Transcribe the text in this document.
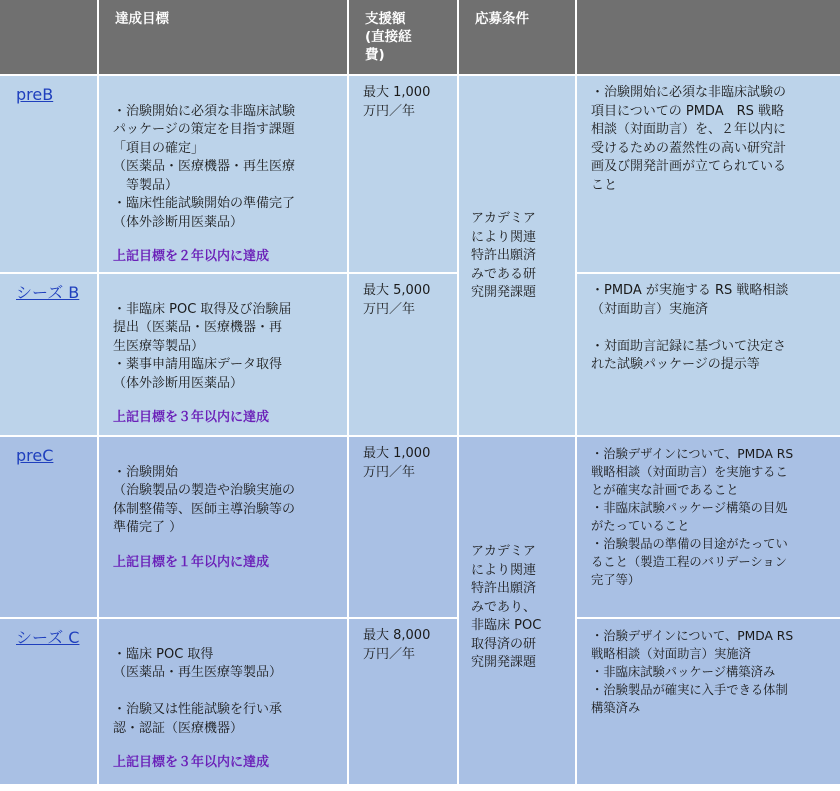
達成目標	支援額
(直接経
費)
応募条件
preB

・治験開始に必須な非臨床試験
パッケージの策定を目指す課題
「項目の確定」
（医薬品・医療機器・再生医療
　等製品）
・臨床性能試験開始の準備完了
（体外診断用医薬品）

上記目標を２年以内に達成

最大 1,000
万円／年
・治験開始に必須な非臨床試験の
項目についての PMDA　RS 戦略
相談（対面助言）を、２年以内に
受けるための蓋然性の高い研究計
画及び開発計画が立てられている
こと
シーズ B

・非臨床 POC 取得及び治験届
提出（医薬品・医療機器・再
生医療等製品）
・薬事申請用臨床データ取得
（体外診断用医薬品）

上記目標を３年以内に達成

最大 5,000
万円／年
・PMDA が実施する RS 戦略相談
（対面助言）実施済

・対面助言記録に基づいて決定さ
れた試験パッケージの提示等
アカデミア
により関連
特許出願済
みである研
究開発課題
preC

・治験開始
（治験製品の製造や治験実施の
体制整備等、医師主導治験等の
準備完了 ）

上記目標を１年以内に達成

最大 1,000
万円／年
・治験デザインについて、PMDA RS
戦略相談（対面助言）を実施するこ
とが確実な計画であること
・非臨床試験パッケージ構築の目処
がたっていること
・治験製品の準備の目途がたってい
ること（製造工程のバリデーション
完了等）
シーズ C

・臨床 POC 取得
（医薬品・再生医療等製品）

・治験又は性能試験を行い承
認・認証（医療機器）

上記目標を３年以内に達成

最大 8,000
万円／年
・治験デザインについて、PMDA RS
戦略相談（対面助言）実施済
・非臨床試験パッケージ構築済み
・治験製品が確実に入手できる体制
構築済み
アカデミア
により関連
特許出願済
みであり、
非臨床 POC
取得済の研
究開発課題
